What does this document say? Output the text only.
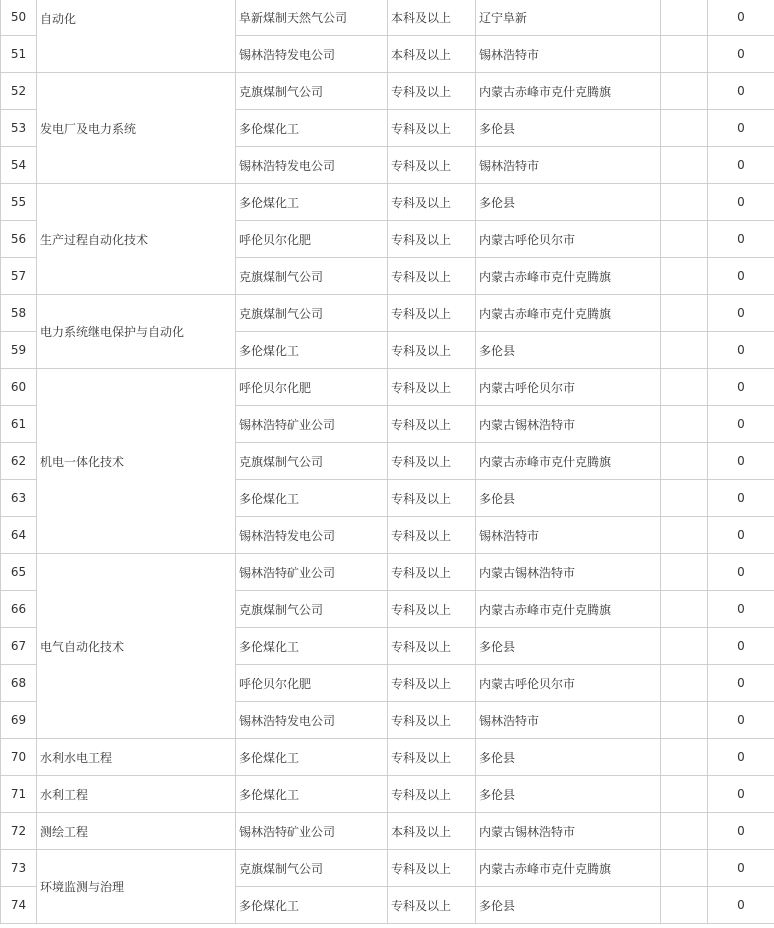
50	自动化	阜新煤制天然气公司	本科及以上	辽宁阜新		0
51		锡林浩特发电公司	本科及以上	锡林浩特市		0
52	发电厂及电力系统	克旗煤制气公司	专科及以上	内蒙古赤峰市克什克腾旗		0
53		多伦煤化工	专科及以上	多伦县		0
54		锡林浩特发电公司	专科及以上	锡林浩特市		0
55	生产过程自动化技术	多伦煤化工	专科及以上	多伦县		0
56		呼伦贝尔化肥	专科及以上	内蒙古呼伦贝尔市		0
57		克旗煤制气公司	专科及以上	内蒙古赤峰市克什克腾旗		0
58	电力系统继电保护与自动化	克旗煤制气公司	专科及以上	内蒙古赤峰市克什克腾旗		0
59		多伦煤化工	专科及以上	多伦县		0
60	机电一体化技术	呼伦贝尔化肥	专科及以上	内蒙古呼伦贝尔市		0
61		锡林浩特矿业公司	专科及以上	内蒙古锡林浩特市		0
62		克旗煤制气公司	专科及以上	内蒙古赤峰市克什克腾旗		0
63		多伦煤化工	专科及以上	多伦县		0
64		锡林浩特发电公司	专科及以上	锡林浩特市		0
65	电气自动化技术	锡林浩特矿业公司	专科及以上	内蒙古锡林浩特市		0
66		克旗煤制气公司	专科及以上	内蒙古赤峰市克什克腾旗		0
67		多伦煤化工	专科及以上	多伦县		0
68		呼伦贝尔化肥	专科及以上	内蒙古呼伦贝尔市		0
69		锡林浩特发电公司	专科及以上	锡林浩特市		0
70	水利水电工程	多伦煤化工	专科及以上	多伦县		0
71	水利工程	多伦煤化工	专科及以上	多伦县		0
72	测绘工程	锡林浩特矿业公司	本科及以上	内蒙古锡林浩特市		0
73	环境监测与治理	克旗煤制气公司	专科及以上	内蒙古赤峰市克什克腾旗		0
74		多伦煤化工	专科及以上	多伦县		0
